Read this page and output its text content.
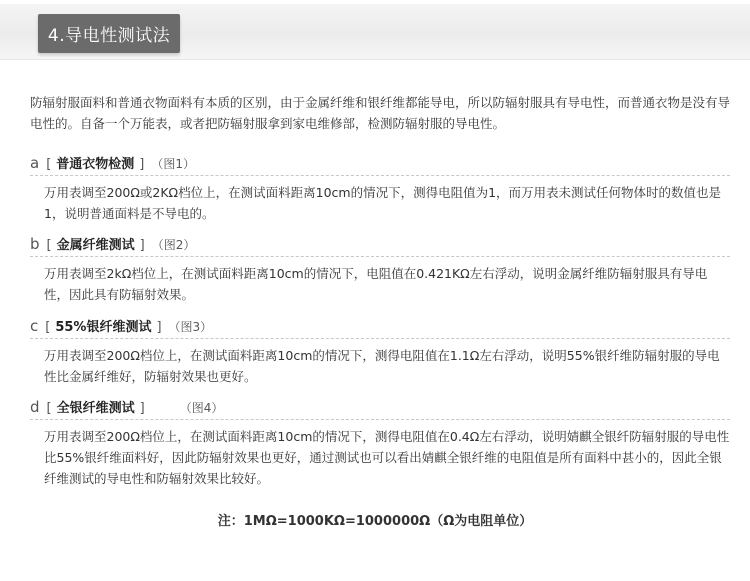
4.导电性测试法
防辐射服面料和普通衣物面料有本质的区别，由于金属纤维和银纤维都能导电，所以防辐射服具有导电性，而普通衣物是没有导电性的。自备一个万能表，或者把防辐射服拿到家电维修部，检测防辐射服的导电性。
a [ 普通衣物检测 ] （图1）
万用表调至200Ω或2KΩ档位上，在测试面料距离10cm的情况下，测得电阻值为1，而万用表未测试任何物体时的数值也是1，说明普通面料是不导电的。
b [ 金属纤维测试 ] （图2）
万用表调至2kΩ档位上，在测试面料距离10cm的情况下，电阻值在0.421KΩ左右浮动，说明金属纤维防辐射服具有导电性，因此具有防辐射效果。
c [ 55%银纤维测试 ] （图3）
万用表调至200Ω档位上，在测试面料距离10cm的情况下，测得电阻值在1.1Ω左右浮动，说明55%银纤维防辐射服的导电性比金属纤维好，防辐射效果也更好。
d [ 全银纤维测试 ]	（图4）
万用表调至200Ω档位上，在测试面料距离10cm的情况下，测得电阻值在0.4Ω左右浮动，说明婧麒全银纤防辐射服的导电性比55%银纤维面料好，因此防辐射效果也更好，通过测试也可以看出婧麒全银纤维的电阻值是所有面料中甚小的，因此全银纤维测试的导电性和防辐射效果比较好。
注：1MΩ=1000KΩ=1000000Ω（Ω为电阻单位）
